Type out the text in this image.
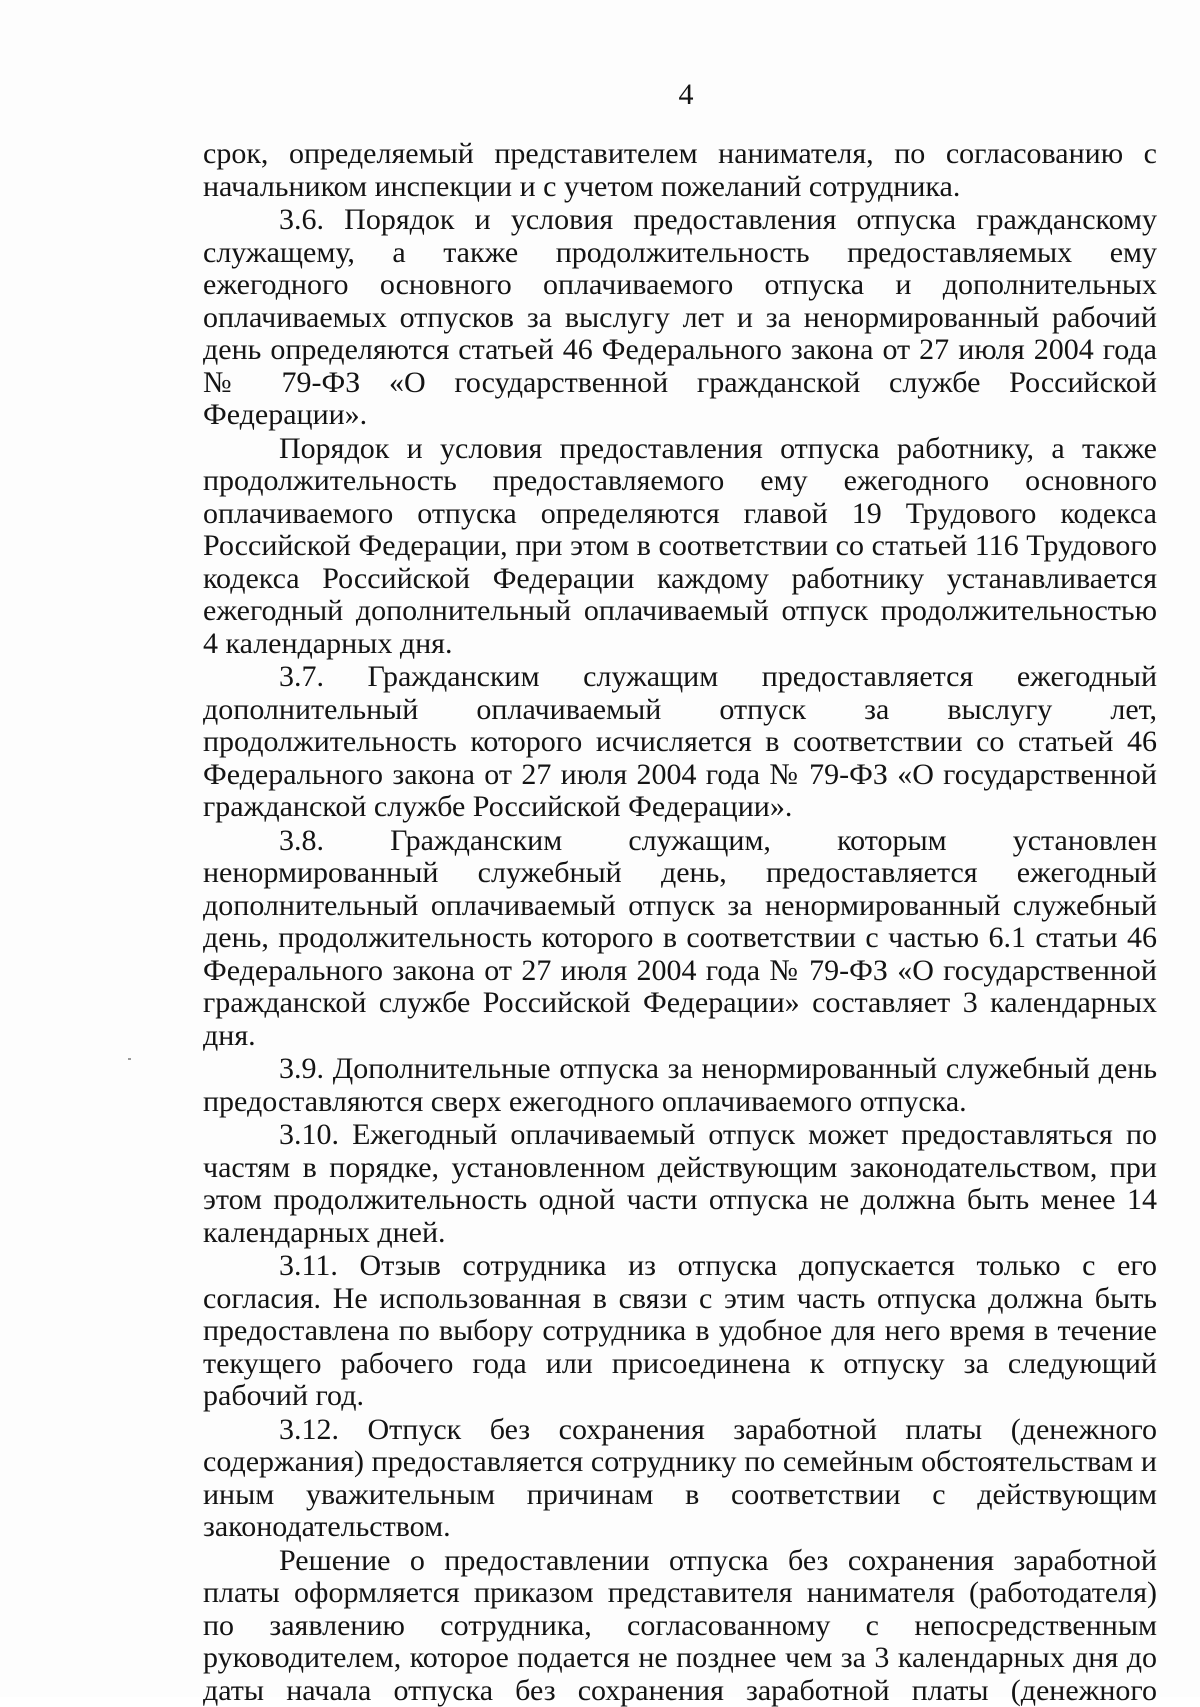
4

срок, определяемый представителем нанимателя, по согласованию с начальником инспекции и с учетом пожеланий сотрудника.

3.6. Порядок и условия предоставления отпуска гражданскому служащему, а также продолжительность предоставляемых ему ежегодного основного оплачиваемого отпуска и дополнительных оплачиваемых отпусков за выслугу лет и за ненормированный рабочий день определяются статьей 46 Федерального закона от 27 июля 2004 года № 79-ФЗ «О государственной гражданской службе Российской Федерации».

Порядок и условия предоставления отпуска работнику, а также продолжительность предоставляемого ему ежегодного основного оплачиваемого отпуска определяются главой 19 Трудового кодекса Российской Федерации, при этом в соответствии со статьей 116 Трудового кодекса Российской Федерации каждому работнику устанавливается ежегодный дополнительный оплачиваемый отпуск продолжительностью 4 календарных дня.

3.7. Гражданским служащим предоставляется ежегодный дополнительный оплачиваемый отпуск за выслугу лет, продолжительность которого исчисляется в соответствии со статьей 46 Федерального закона от 27 июля 2004 года № 79-ФЗ «О государственной гражданской службе Российской Федерации».

3.8. Гражданским служащим, которым установлен ненормированный служебный день, предоставляется ежегодный дополнительный оплачиваемый отпуск за ненормированный служебный день, продолжительность которого в соответствии с частью 6.1 статьи 46 Федерального закона от 27 июля 2004 года № 79-ФЗ «О государственной гражданской службе Российской Федерации» составляет 3 календарных дня.

3.9. Дополнительные отпуска за ненормированный служебный день предоставляются сверх ежегодного оплачиваемого отпуска.

3.10. Ежегодный оплачиваемый отпуск может предоставляться по частям в порядке, установленном действующим законодательством, при этом продолжительность одной части отпуска не должна быть менее 14 календарных дней.

3.11. Отзыв сотрудника из отпуска допускается только с его согласия. Не использованная в связи с этим часть отпуска должна быть предоставлена по выбору сотрудника в удобное для него время в течение текущего рабочего года или присоединена к отпуску за следующий рабочий год.

3.12. Отпуск без сохранения заработной платы (денежного содержания) предоставляется сотруднику по семейным обстоятельствам и иным уважительным причинам в соответствии с действующим законодательством.

Решение о предоставлении отпуска без сохранения заработной платы оформляется приказом представителя нанимателя (работодателя) по заявлению сотрудника, согласованному с непосредственным руководителем, которое подается не позднее чем за 3 календарных дня до даты начала отпуска без сохранения заработной платы (денежного
